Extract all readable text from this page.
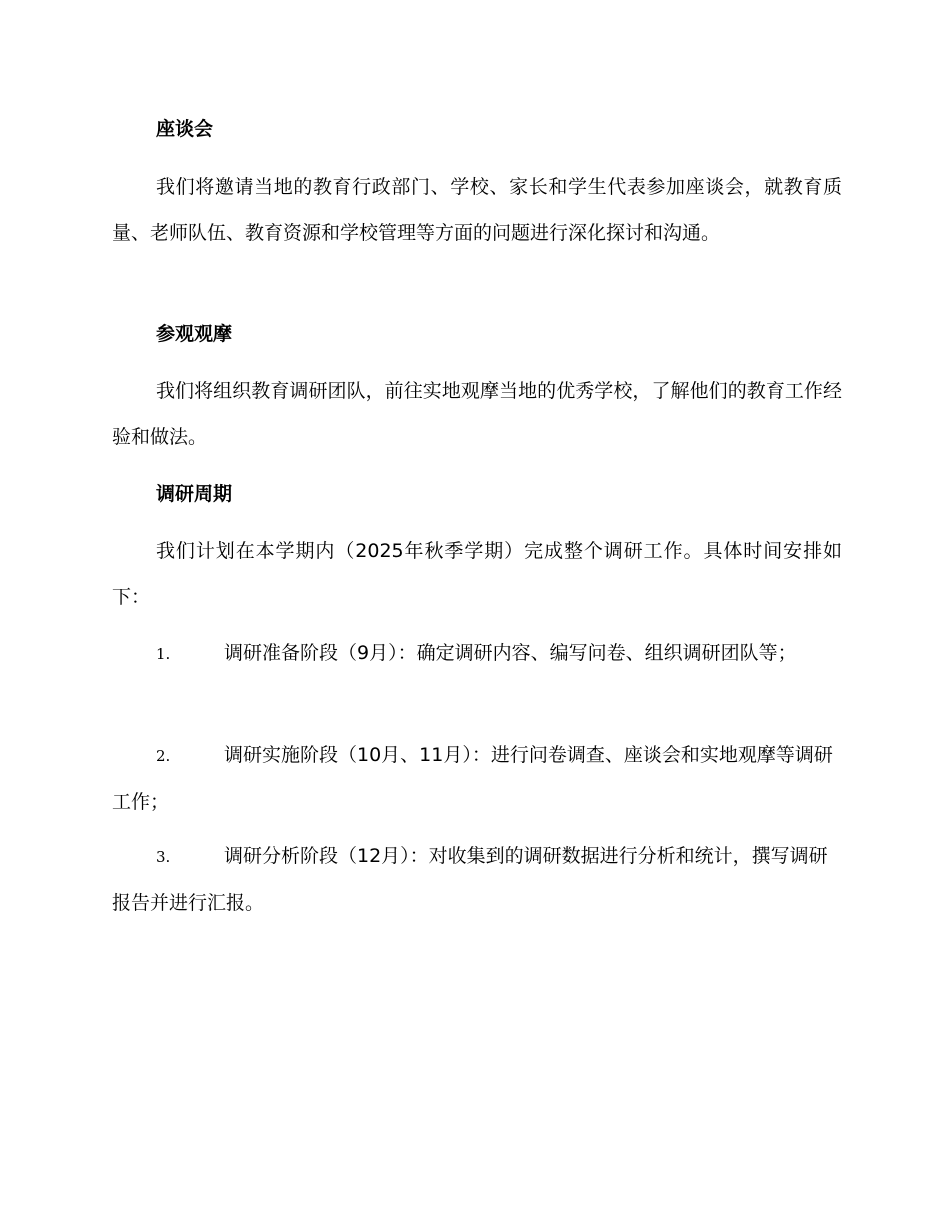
座谈会
我们将邀请当地的教育行政部门、学校、家长和学生代表参加座谈会，就教育质量、老师队伍、教育资源和学校管理等方面的问题进行深化探讨和沟通。
参观观摩
我们将组织教育调研团队，前往实地观摩当地的优秀学校，了解他们的教育工作经验和做法。
调研周期
我们计划在本学期内（2025年秋季学期）完成整个调研工作。具体时间安排如下：
1.	调研准备阶段（9月）：确定调研内容、编写问卷、组织调研团队等；
2.	调研实施阶段（10月、11月）：进行问卷调查、座谈会和实地观摩等调研工作；
3.	调研分析阶段（12月）：对收集到的调研数据进行分析和统计，撰写调研报告并进行汇报。
